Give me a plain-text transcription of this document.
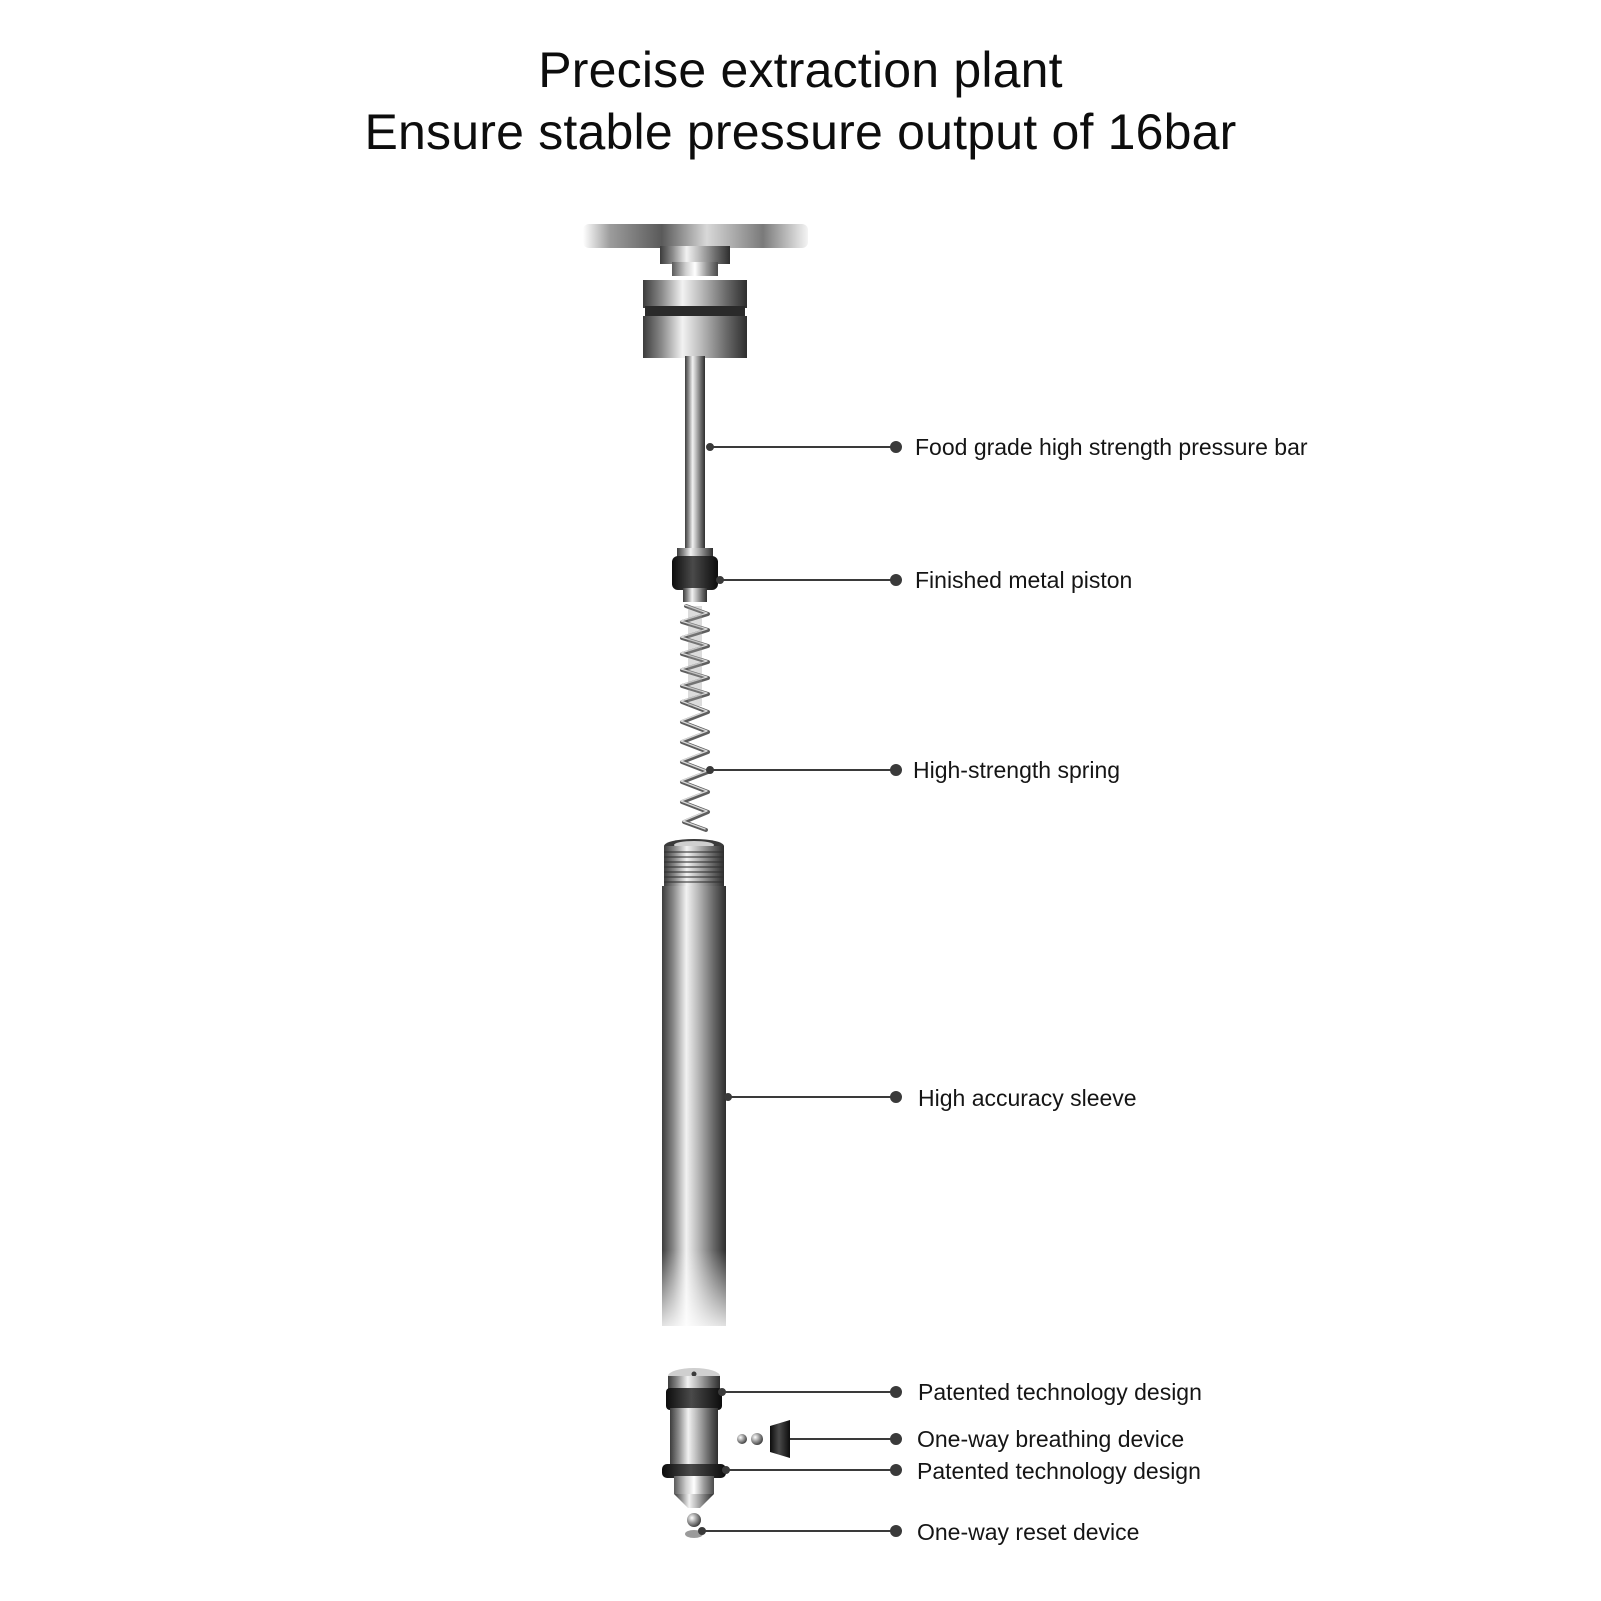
Precise extraction plant
Ensure stable pressure output of 16bar
Food grade high strength pressure bar
Finished metal piston
High-strength spring
High accuracy sleeve
Patented technology design
One-way breathing device
Patented technology design
One-way reset device
